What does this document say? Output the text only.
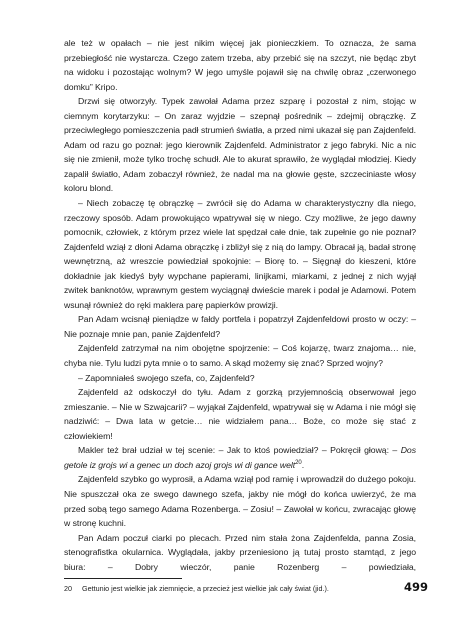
ale też w opałach – nie jest nikim więcej jak pionieczkiem. To oznacza, że sama przebiegłość nie wystarcza. Czego zatem trzeba, aby przebić się na szczyt, nie będąc zbyt na widoku i pozostając wolnym? W jego umyśle pojawił się na chwilę obraz „czerwonego domku” Kripo.

Drzwi się otworzyły. Typek zawołał Adama przez szparę i pozostał z nim, stojąc w ciemnym korytarzyku: – On zaraz wyjdzie – szepnął pośrednik – zdejmij obrączkę. Z przeciwległego pomieszczenia padł strumień światła, a przed nimi ukazał się pan Zajdenfeld. Adam od razu go poznał: jego kierownik Zajdenfeld. Administrator z jego fabryki. Nic a nic się nie zmienił, może tylko trochę schudł. Ale to akurat sprawiło, że wyglądał młodziej. Kiedy zapalił światło, Adam zobaczył również, że nadal ma na głowie gęste, szczeciniaste włosy koloru blond.

– Niech zobaczę tę obrączkę – zwrócił się do Adama w charakterystyczny dla niego, rzeczowy sposób. Adam prowokująco wpatrywał się w niego. Czy możliwe, że jego dawny pomocnik, człowiek, z którym przez wiele lat spędzał całe dnie, tak zupełnie go nie poznał? Zajdenfeld wziął z dłoni Adama obrączkę i zbliżył się z nią do lampy. Obracał ją, badał stronę wewnętrzną, aż wreszcie powiedział spokojnie: – Biorę to. – Sięgnął do kieszeni, które dokładnie jak kiedyś były wypchane papierami, linijkami, miarkami, z jednej z nich wyjął zwitek banknotów, wprawnym gestem wyciągnął dwieście marek i podał je Adamowi. Potem wsunął również do ręki maklera parę papierków prowizji.

Pan Adam wcisnął pieniądze w fałdy portfela i popatrzył Zajdenfeldowi prosto w oczy: – Nie poznaje mnie pan, panie Zajdenfeld?

Zajdenfeld zatrzymał na nim obojętne spojrzenie: – Coś kojarzę, twarz znajoma… nie, chyba nie. Tylu ludzi pyta mnie o to samo. A skąd możemy się znać? Sprzed wojny?

– Zapomniałeś swojego szefa, co, Zajdenfeld?

Zajdenfeld aż odskoczył do tyłu. Adam z gorzką przyjemnością obserwował jego zmieszanie. – Nie w Szwajcarii? – wyjąkał Zajdenfeld, wpatrywał się w Adama i nie mógł się nadziwić: – Dwa lata w getcie… nie widziałem pana… Boże, co może się stać z człowiekiem!

Makler też brał udział w tej scenie: – Jak to ktoś powiedział? – Pokręcił głową: – Dos getole iz grojs wi a genec un doch azoj grojs wi di gance welt$^{20}$.

Zajdenfeld szybko go wyprosił, a Adama wziął pod ramię i wprowadził do dużego pokoju. Nie spuszczał oka ze swego dawnego szefa, jakby nie mógł do końca uwierzyć, że ma przed sobą tego samego Adama Rozenberga. – Zosiu! – Zawołał w końcu, zwracając głowę w stronę kuchni.

Pan Adam poczuł ciarki po plecach. Przed nim stała żona Zajdenfelda, panna Zosia, stenografistka okularnica. Wyglądała, jakby przeniesiono ją tutaj prosto stamtąd, z jego biura: – Dobry wieczór, panie Rozenberg – powiedziała,

20 Gettunio jest wielkie jak ziemnięcie, a przecież jest wielkie jak cały świat (jid.).	499
